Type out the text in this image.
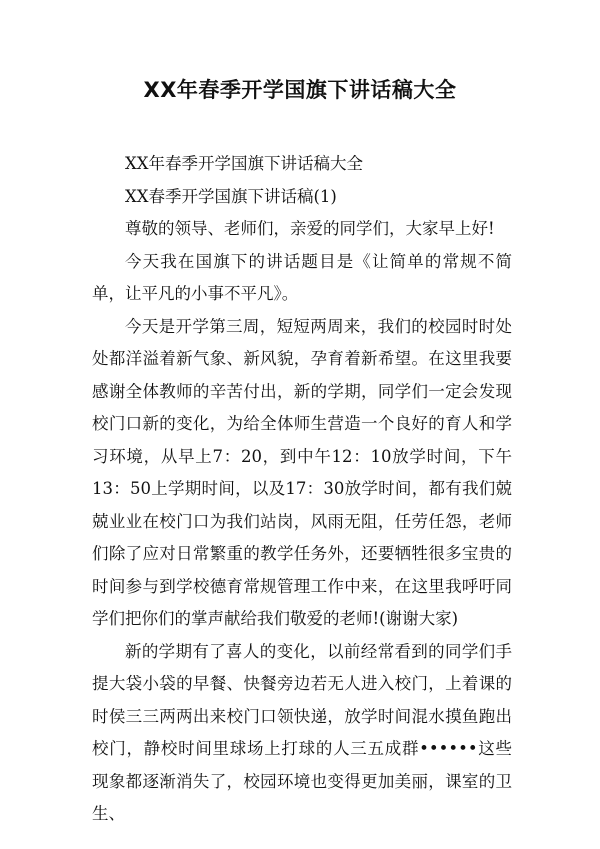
XX年春季开学国旗下讲话稿大全

XX年春季开学国旗下讲话稿大全

XX春季开学国旗下讲话稿(1)

尊敬的领导、老师们，亲爱的同学们，大家早上好!

今天我在国旗下的讲话题目是《让简单的常规不简单，让平凡的小事不平凡》。

今天是开学第三周，短短两周来，我们的校园时时处处都洋溢着新气象、新风貌，孕育着新希望。在这里我要感谢全体教师的辛苦付出，新的学期，同学们一定会发现校门口新的变化，为给全体师生营造一个良好的育人和学习环境，从早上7：20，到中午12：10放学时间，下午13：50上学期时间，以及17：30放学时间，都有我们兢兢业业在校门口为我们站岗，风雨无阻，任劳任怨，老师们除了应对日常繁重的教学任务外，还要牺牲很多宝贵的时间参与到学校德育常规管理工作中来，在这里我呼吁同学们把你们的掌声献给我们敬爱的老师!(谢谢大家)

新的学期有了喜人的变化，以前经常看到的同学们手提大袋小袋的早餐、快餐旁边若无人进入校门，上着课的时侯三三两两出来校门口领快递，放学时间混水摸鱼跑出校门，静校时间里球场上打球的人三五成群••••••这些现象都逐渐消失了，校园环境也变得更加美丽，课室的卫生、
